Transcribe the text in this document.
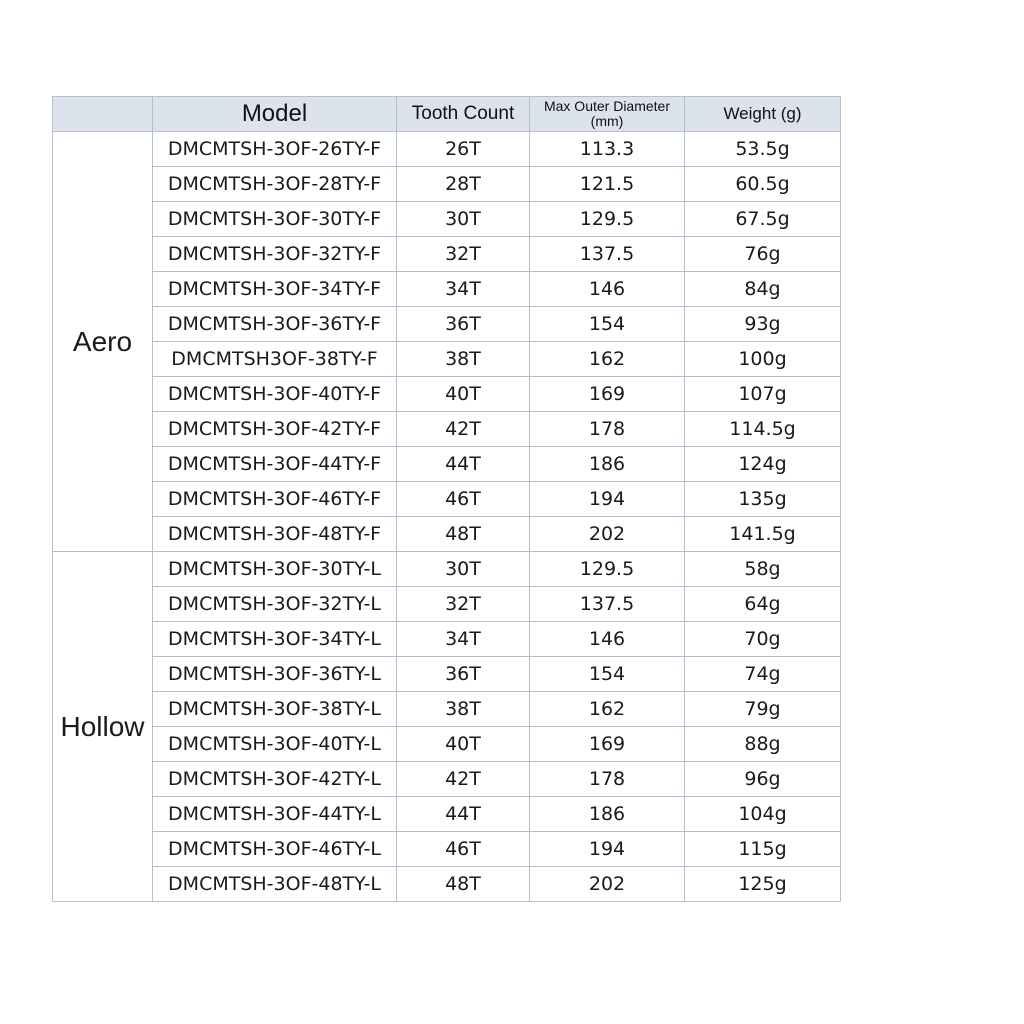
	Model	Tooth Count	Max Outer Diameter (mm)	Weight (g)
Aero	DMCMTSH-3OF-26TY-F	26T	113.3	53.5g
	DMCMTSH-3OF-28TY-F	28T	121.5	60.5g
	DMCMTSH-3OF-30TY-F	30T	129.5	67.5g
	DMCMTSH-3OF-32TY-F	32T	137.5	76g
	DMCMTSH-3OF-34TY-F	34T	146	84g
	DMCMTSH-3OF-36TY-F	36T	154	93g
	DMCMTSH3OF-38TY-F	38T	162	100g
	DMCMTSH-3OF-40TY-F	40T	169	107g
	DMCMTSH-3OF-42TY-F	42T	178	114.5g
	DMCMTSH-3OF-44TY-F	44T	186	124g
	DMCMTSH-3OF-46TY-F	46T	194	135g
	DMCMTSH-3OF-48TY-F	48T	202	141.5g
Hollow	DMCMTSH-3OF-30TY-L	30T	129.5	58g
	DMCMTSH-3OF-32TY-L	32T	137.5	64g
	DMCMTSH-3OF-34TY-L	34T	146	70g
	DMCMTSH-3OF-36TY-L	36T	154	74g
	DMCMTSH-3OF-38TY-L	38T	162	79g
	DMCMTSH-3OF-40TY-L	40T	169	88g
	DMCMTSH-3OF-42TY-L	42T	178	96g
	DMCMTSH-3OF-44TY-L	44T	186	104g
	DMCMTSH-3OF-46TY-L	46T	194	115g
	DMCMTSH-3OF-48TY-L	48T	202	125g
